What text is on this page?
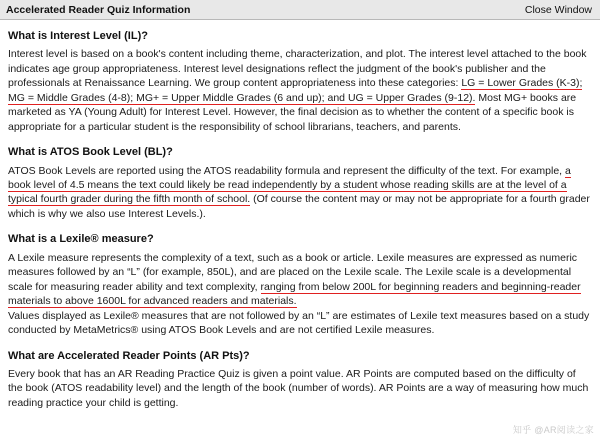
Accelerated Reader Quiz Information	Close Window
What is Interest Level (IL)?

Interest level is based on a book's content including theme, characterization, and plot. The interest level attached to the book indicates age group appropriateness. Interest level designations reflect the judgment of the book's publisher and the professionals at Renaissance Learning. We group content appropriateness into these categories: LG = Lower Grades (K-3); MG = Middle Grades (4-8); MG+ = Upper Middle Grades (6 and up); and UG = Upper Grades (9-12). Most MG+ books are marketed as YA (Young Adult) for Interest Level. However, the final decision as to whether the content of a specific book is appropriate for a particular student is the responsibility of school librarians, teachers, and parents.

What is ATOS Book Level (BL)?

ATOS Book Levels are reported using the ATOS readability formula and represent the difficulty of the text. For example, a book level of 4.5 means the text could likely be read independently by a student whose reading skills are at the level of a typical fourth grader during the fifth month of school. (Of course the content may or may not be appropriate for a fourth grader which is why we also use Interest Levels.).

What is a Lexile® measure?

A Lexile measure represents the complexity of a text, such as a book or article. Lexile measures are expressed as numeric measures followed by an “L” (for example, 850L), and are placed on the Lexile scale. The Lexile scale is a developmental scale for measuring reader ability and text complexity, ranging from below 200L for beginning readers and beginning-reader materials to above 1600L for advanced readers and materials.

Values displayed as Lexile® measures that are not followed by an “L” are estimates of Lexile text measures based on a study conducted by MetaMetrics® using ATOS Book Levels and are not certified Lexile measures.

What are Accelerated Reader Points (AR Pts)?

Every book that has an AR Reading Practice Quiz is given a point value. AR Points are computed based on the difficulty of the book (ATOS readability level) and the length of the book (number of words). AR Points are a way of measuring how much reading practice your child is getting.

知乎 @AR阅读之家
